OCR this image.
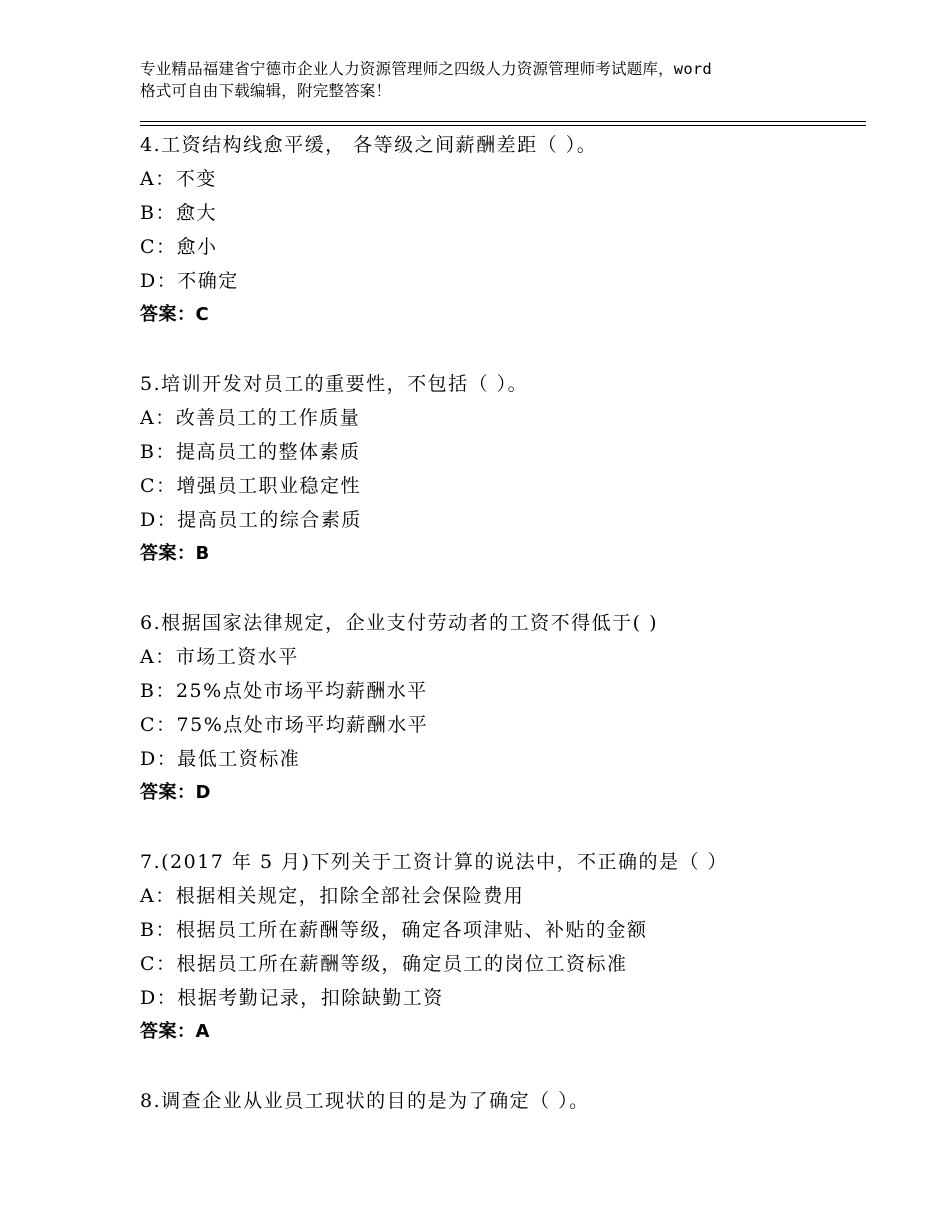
专业精品福建省宁德市企业人力资源管理师之四级人力资源管理师考试题库，word
格式可自由下载编辑，附完整答案！
4.工资结构线愈平缓， 各等级之间薪酬差距（ ）。
A：不变
B：愈大
C：愈小
D：不确定
答案：C
5.培训开发对员工的重要性，不包括（ ）。
A：改善员工的工作质量
B：提高员工的整体素质
C：增强员工职业稳定性
D：提高员工的综合素质
答案：B
6.根据国家法律规定，企业支付劳动者的工资不得低于( )
A：市场工资水平
B：25%点处市场平均薪酬水平
C：75%点处市场平均薪酬水平
D：最低工资标准
答案：D
7.(2017 年 5 月)下列关于工资计算的说法中，不正确的是（ ）
A：根据相关规定，扣除全部社会保险费用
B：根据员工所在薪酬等级，确定各项津贴、补贴的金额
C：根据员工所在薪酬等级，确定员工的岗位工资标准
D：根据考勤记录，扣除缺勤工资
答案：A
8.调查企业从业员工现状的目的是为了确定（ ）。
